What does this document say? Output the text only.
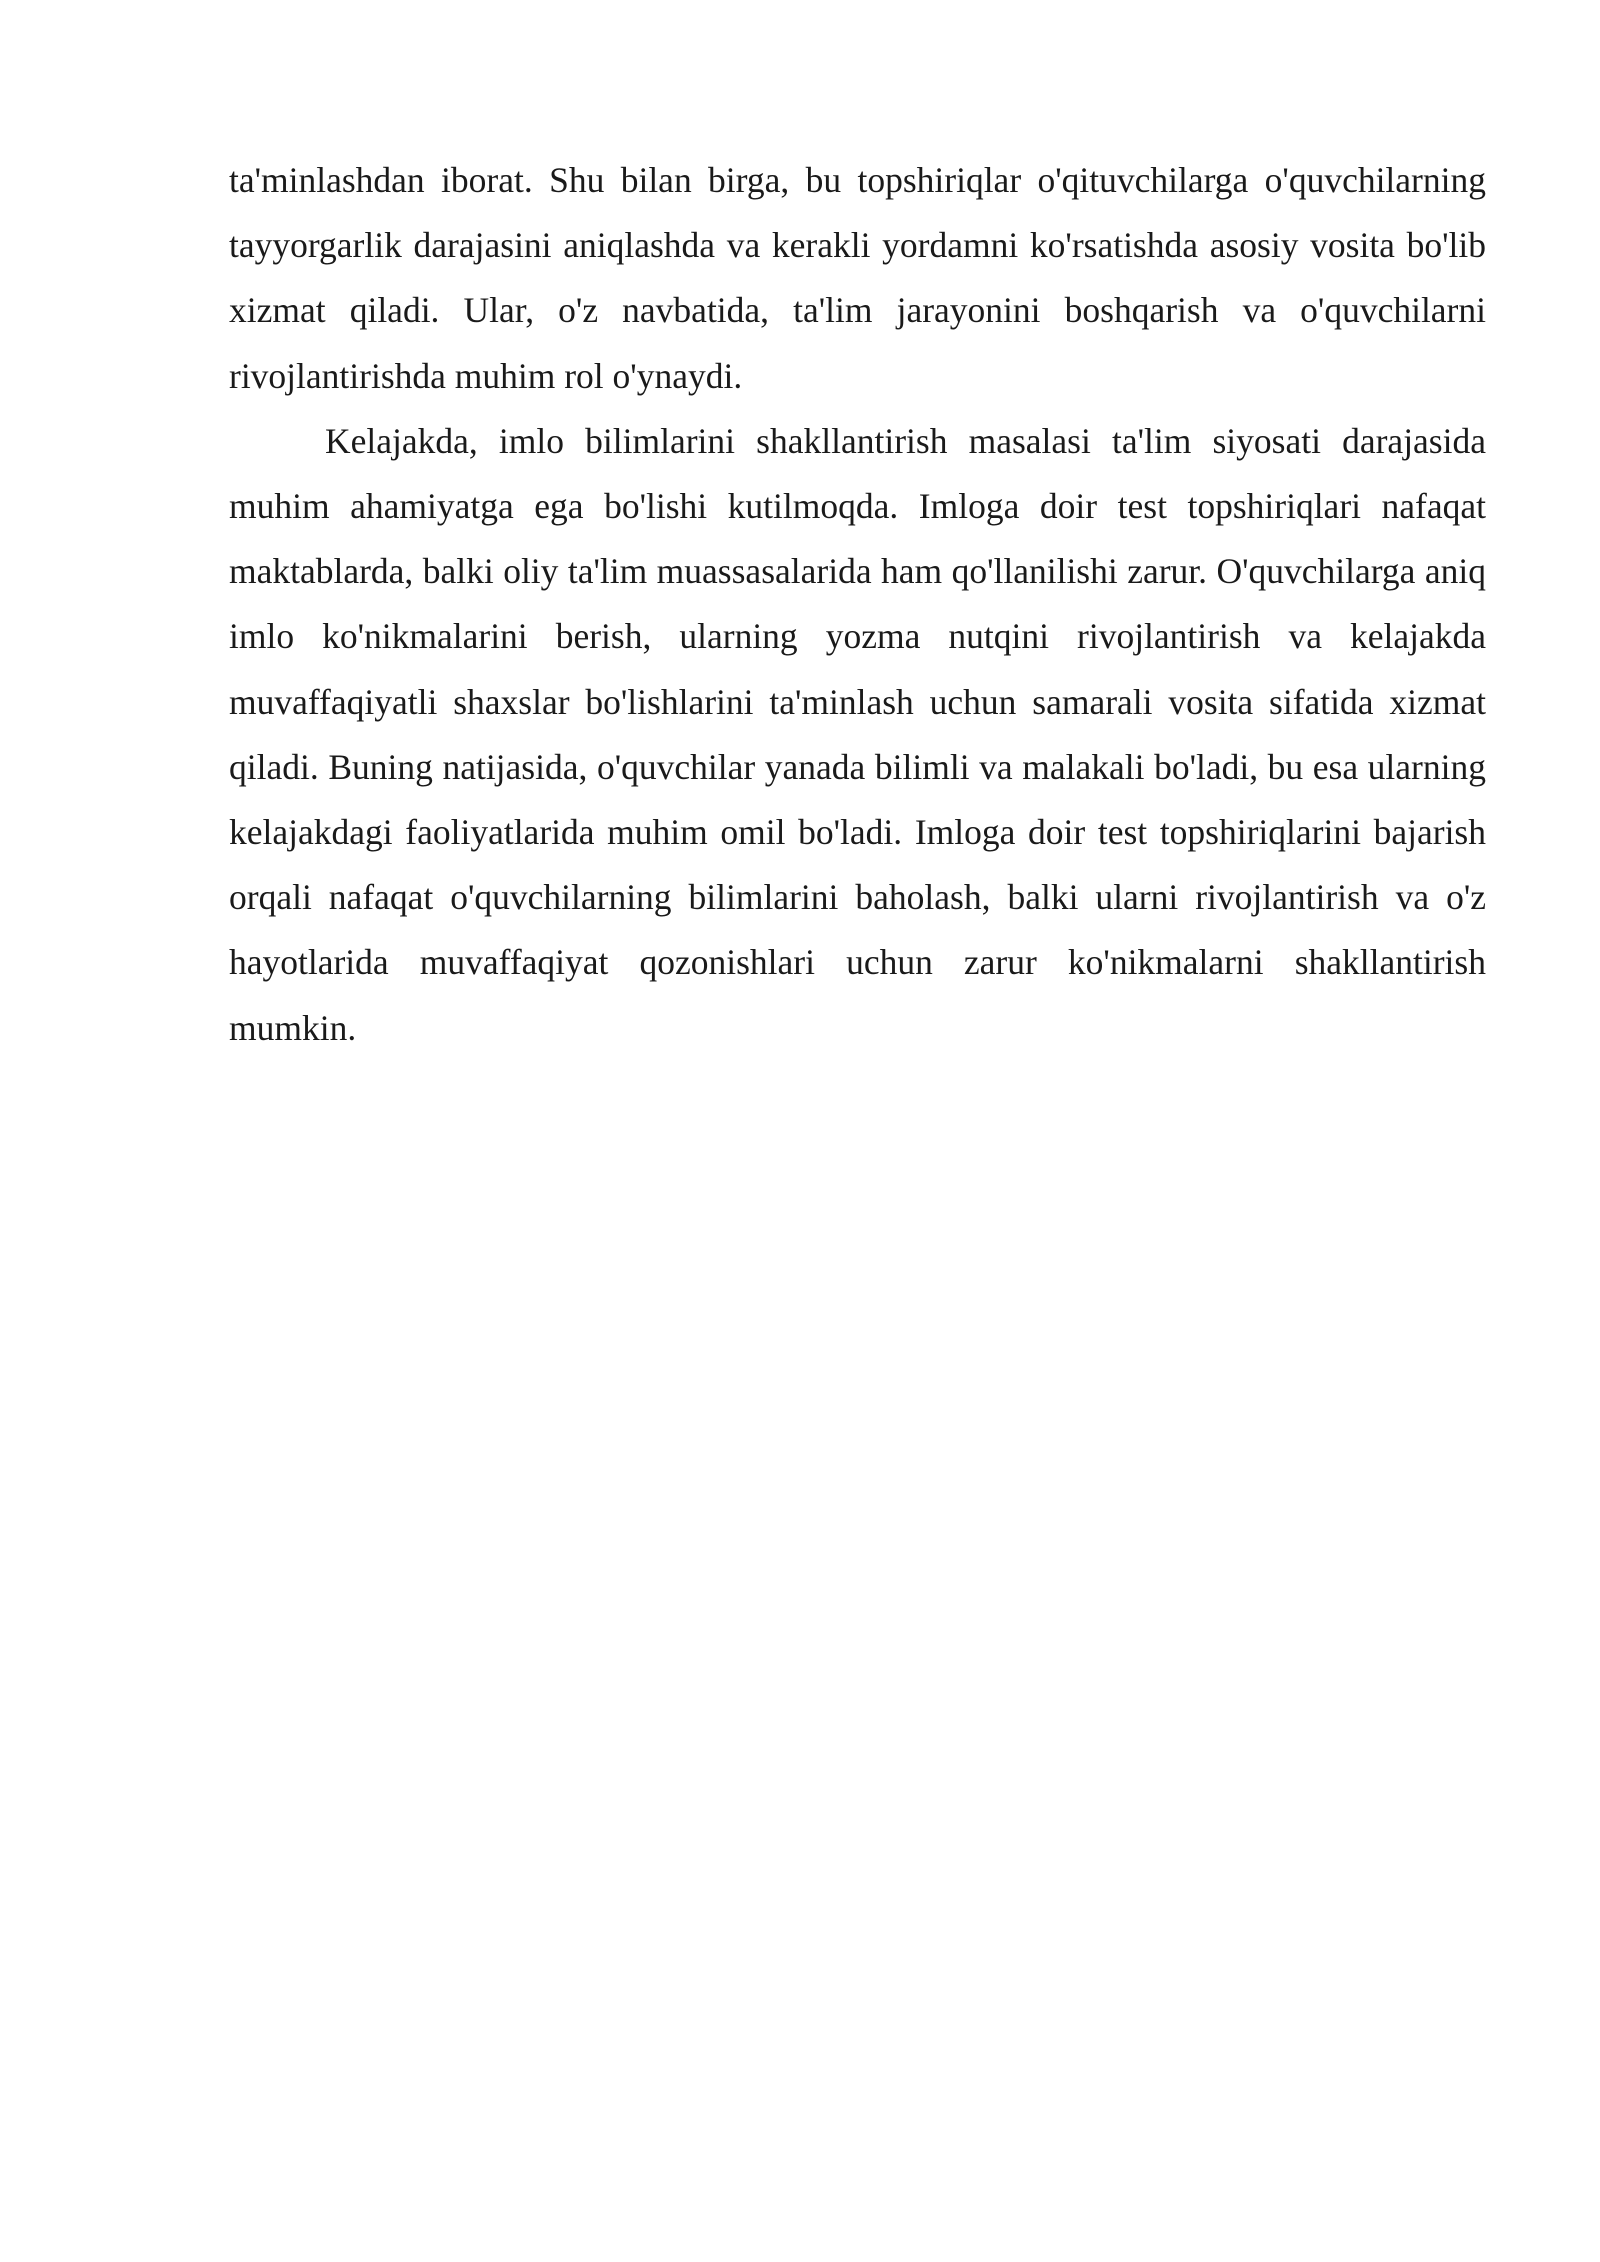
ta'minlashdan iborat. Shu bilan birga, bu topshiriqlar o'qituvchilarga o'quvchilarning tayyorgarlik darajasini aniqlashda va kerakli yordamni ko'rsatishda asosiy vosita bo'lib xizmat qiladi. Ular, o'z navbatida, ta'lim jarayonini boshqarish va o'quvchilarni rivojlantirishda muhim rol o'ynaydi.

Kelajakda, imlo bilimlarini shakllantirish masalasi ta'lim siyosati darajasida muhim ahamiyatga ega bo'lishi kutilmoqda. Imloga doir test topshiriqlari nafaqat maktablarda, balki oliy ta'lim muassasalarida ham qo'llanilishi zarur. O'quvchilarga aniq imlo ko'nikmalarini berish, ularning yozma nutqini rivojlantirish va kelajakda muvaffaqiyatli shaxslar bo'lishlarini ta'minlash uchun samarali vosita sifatida xizmat qiladi. Buning natijasida, o'quvchilar yanada bilimli va malakali bo'ladi, bu esa ularning kelajakdagi faoliyatlarida muhim omil bo'ladi. Imloga doir test topshiriqlarini bajarish orqali nafaqat o'quvchilarning bilimlarini baholash, balki ularni rivojlantirish va o'z hayotlarida muvaffaqiyat qozonishlari uchun zarur ko'nikmalarni shakllantirish mumkin.
